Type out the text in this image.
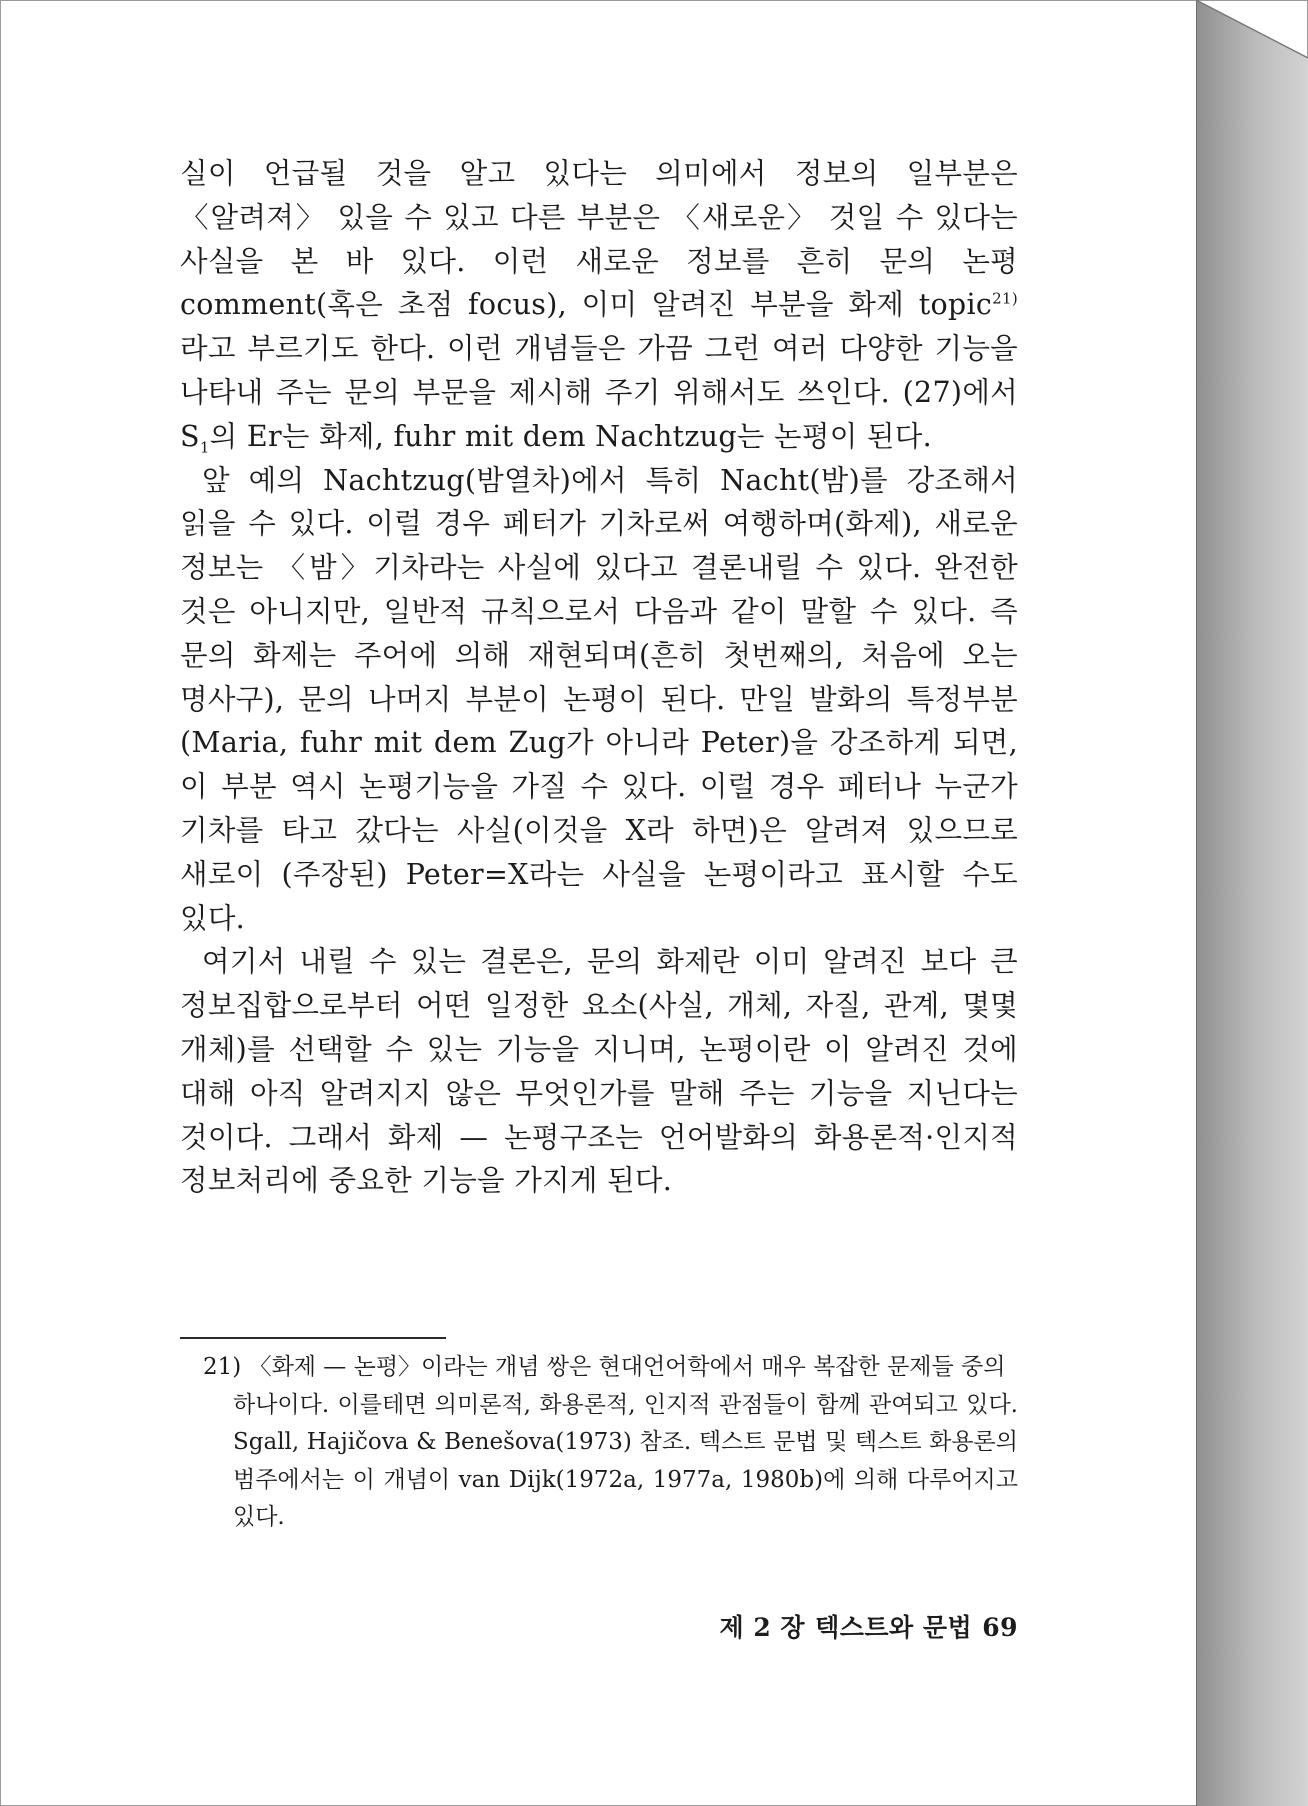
실이 언급될 것을 알고 있다는 의미에서 정보의 일부분은 〈알려져〉 있을 수 있고 다른 부분은 〈새로운〉 것일 수 있다는 사실을 본 바 있다. 이런 새로운 정보를 흔히 문의 논평 comment(혹은 초점 focus), 이미 알려진 부분을 화제 topic$^{21)}$ 라고 부르기도 한다. 이런 개념들은 가끔 그런 여러 다양한 기능을 나타내 주는 문의 부문을 제시해 주기 위해서도 쓰인다. (27)에서 $S_1$의 Er는 화제, fuhr mit dem Nachtzug는 논평이 된다.

앞 예의 Nachtzug(밤열차)에서 특히 Nacht(밤)를 강조해서 읽을 수 있다. 이럴 경우 페터가 기차로써 여행하며(화제), 새로운 정보는 〈밤〉기차라는 사실에 있다고 결론내릴 수 있다. 완전한 것은 아니지만, 일반적 규칙으로서 다음과 같이 말할 수 있다. 즉 문의 화제는 주어에 의해 재현되며(흔히 첫번째의, 처음에 오는 명사구), 문의 나머지 부분이 논평이 된다. 만일 발화의 특정부분(Maria, fuhr mit dem Zug가 아니라 Peter)을 강조하게 되면, 이 부분 역시 논평기능을 가질 수 있다. 이럴 경우 페터나 누군가 기차를 타고 갔다는 사실(이것을 X라 하면)은 알려져 있으므로 새로이 (주장된) Peter=X라는 사실을 논평이라고 표시할 수도 있다.

여기서 내릴 수 있는 결론은, 문의 화제란 이미 알려진 보다 큰 정보집합으로부터 어떤 일정한 요소(사실, 개체, 자질, 관계, 몇몇 개체)를 선택할 수 있는 기능을 지니며, 논평이란 이 알려진 것에 대해 아직 알려지지 않은 무엇인가를 말해 주는 기능을 지닌다는 것이다. 그래서 화제 — 논평구조는 언어발화의 화용론적·인지적 정보처리에 중요한 기능을 가지게 된다.

21) 〈화제 — 논평〉이라는 개념 쌍은 현대언어학에서 매우 복잡한 문제들 중의
하나이다. 이를테면 의미론적, 화용론적, 인지적 관점들이 함께 관여되고 있다. Sgall, Hajičova & Benešova(1973) 참조. 텍스트 문법 및 텍스트 화용론의 범주에서는 이 개념이 van Dijk(1972a, 1977a, 1980b)에 의해 다루어지고 있다.
제 2 장 텍스트와 문법 69
